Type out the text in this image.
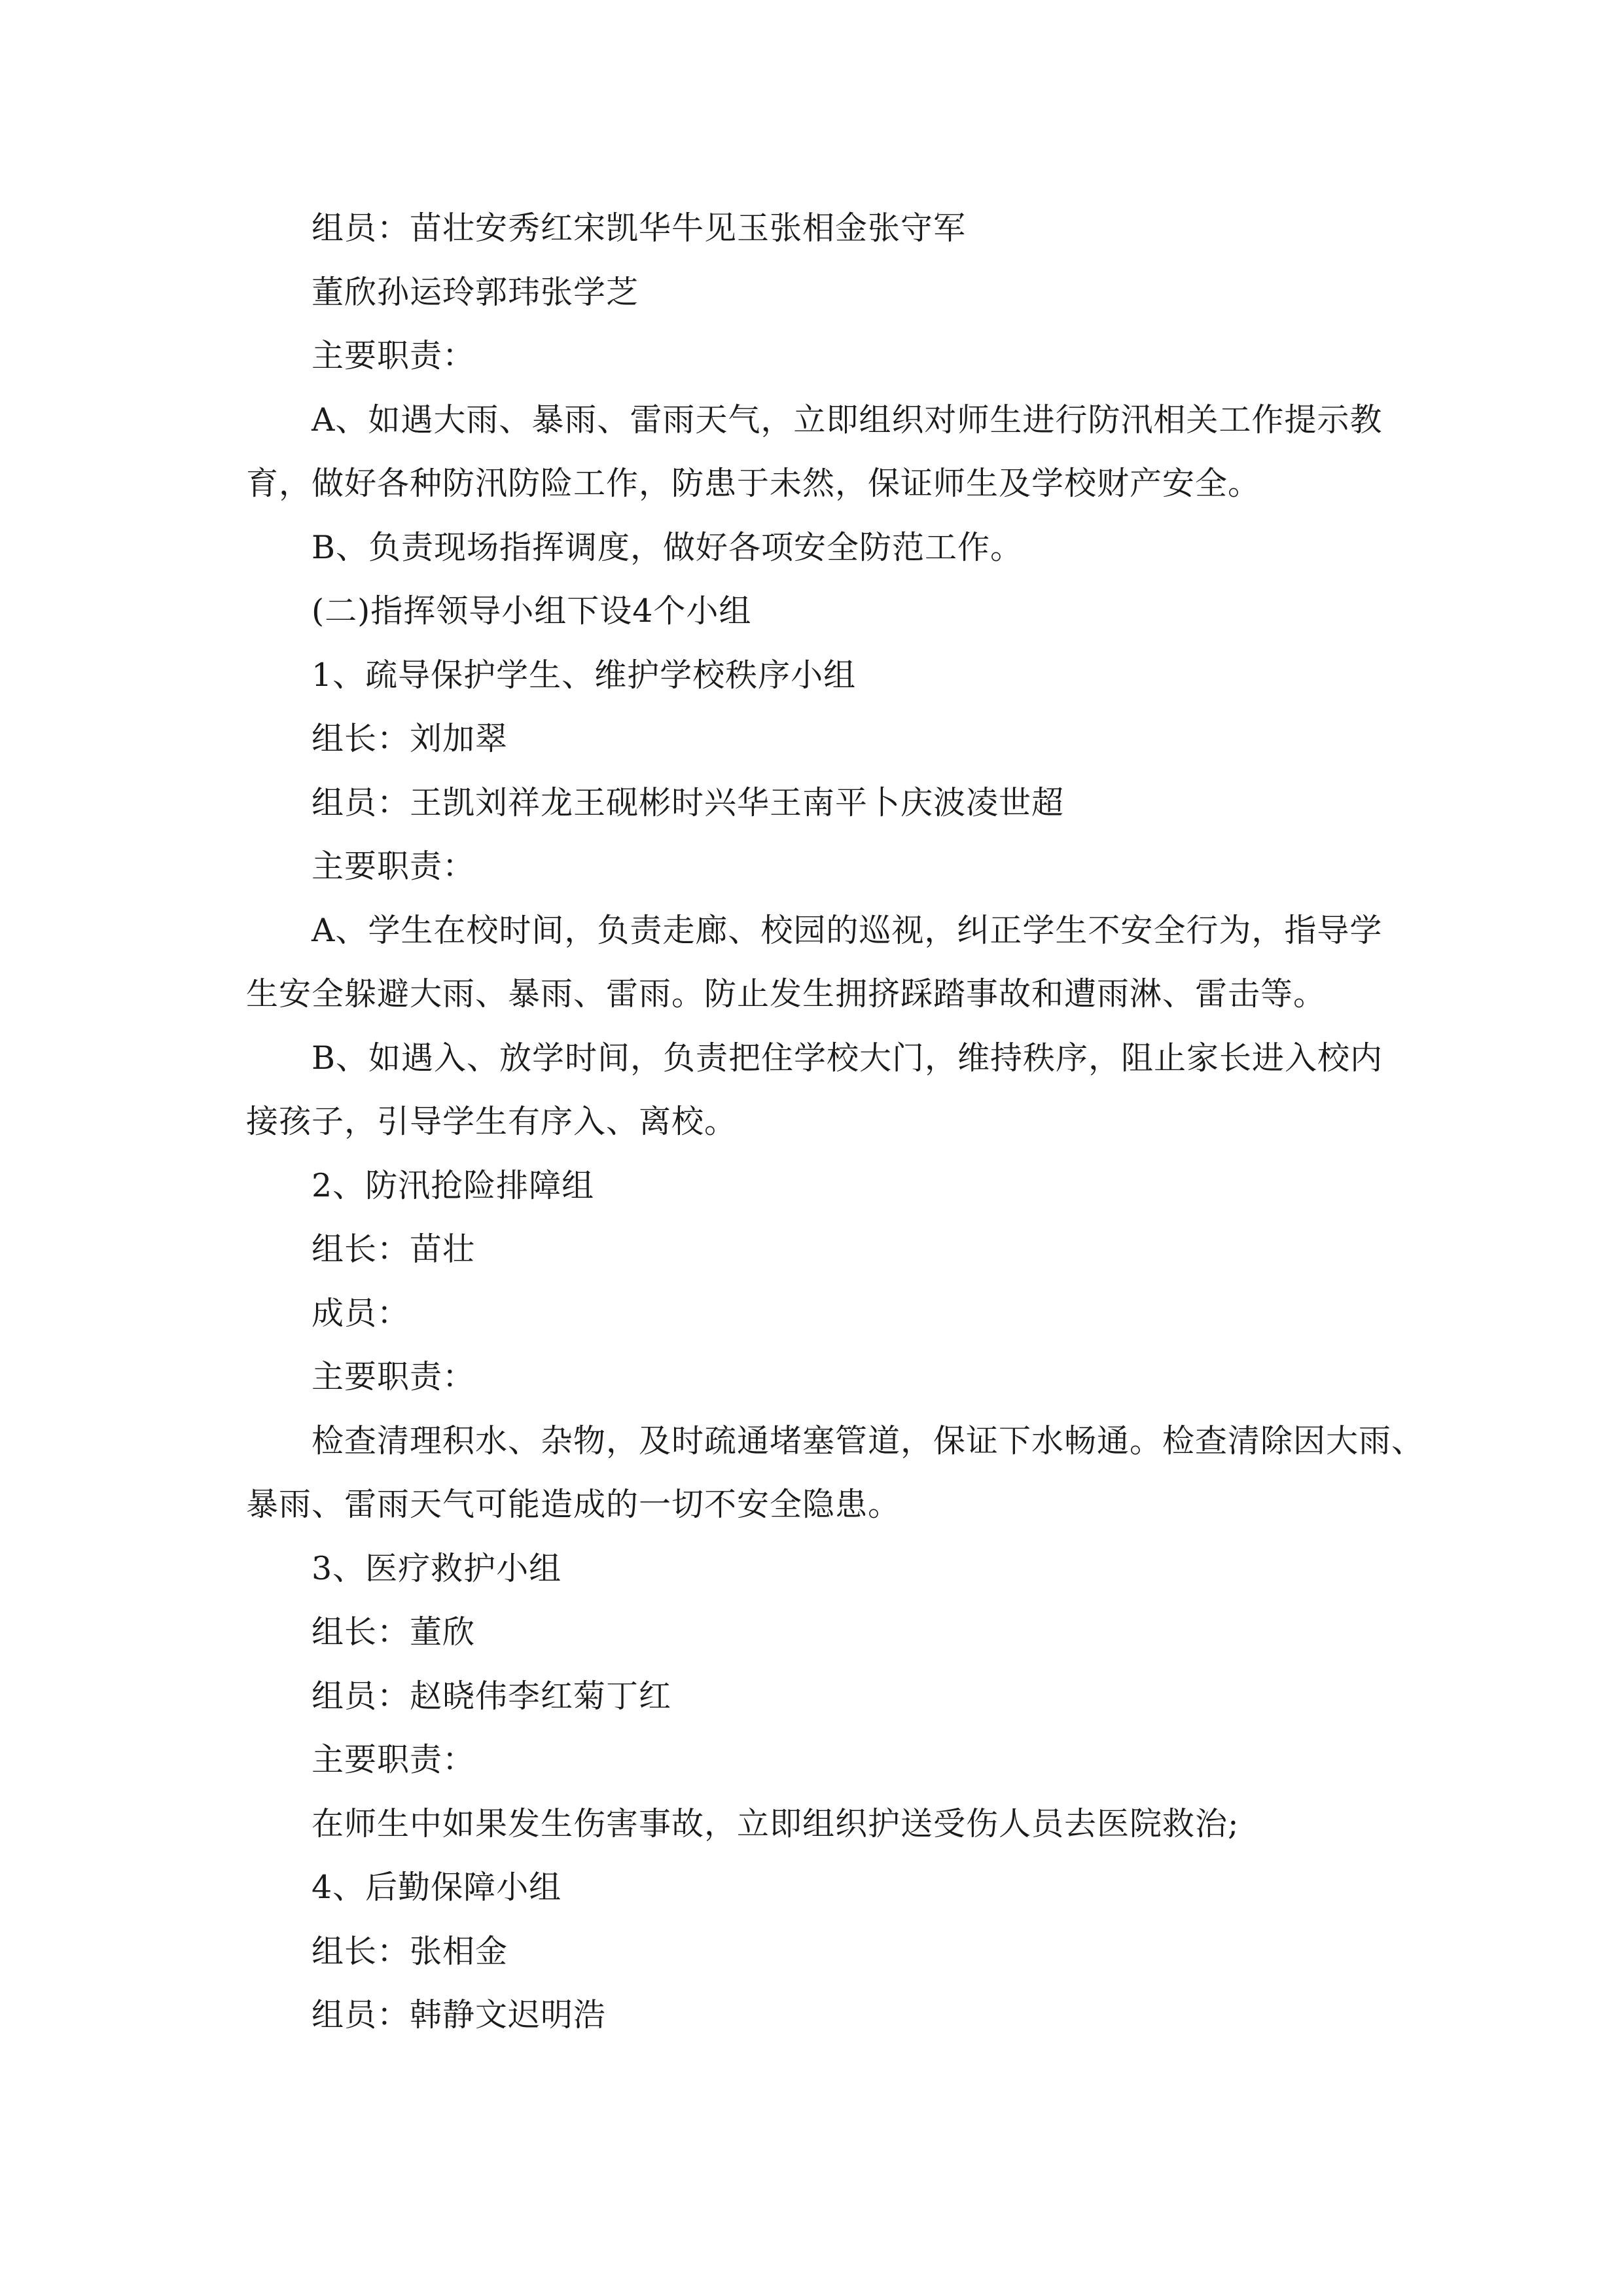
组员：苗壮安秀红宋凯华牛见玉张相金张守军
董欣孙运玲郭玮张学芝
主要职责：
A、如遇大雨、暴雨、雷雨天气，立即组织对师生进行防汛相关工作提示教
育，做好各种防汛防险工作，防患于未然，保证师生及学校财产安全。
B、负责现场指挥调度，做好各项安全防范工作。
(二)指挥领导小组下设4个小组
1、疏导保护学生、维护学校秩序小组
组长：刘加翠
组员：王凯刘祥龙王砚彬时兴华王南平卜庆波凌世超
主要职责：
A、学生在校时间，负责走廊、校园的巡视，纠正学生不安全行为，指导学
生安全躲避大雨、暴雨、雷雨。防止发生拥挤踩踏事故和遭雨淋、雷击等。
B、如遇入、放学时间，负责把住学校大门，维持秩序，阻止家长进入校内
接孩子，引导学生有序入、离校。
2、防汛抢险排障组
组长：苗壮
成员：
主要职责：
检查清理积水、杂物，及时疏通堵塞管道，保证下水畅通。检查清除因大雨、
暴雨、雷雨天气可能造成的一切不安全隐患。
3、医疗救护小组
组长：董欣
组员：赵晓伟李红菊丁红
主要职责：
在师生中如果发生伤害事故，立即组织护送受伤人员去医院救治;
4、后勤保障小组
组长：张相金
组员：韩静文迟明浩
